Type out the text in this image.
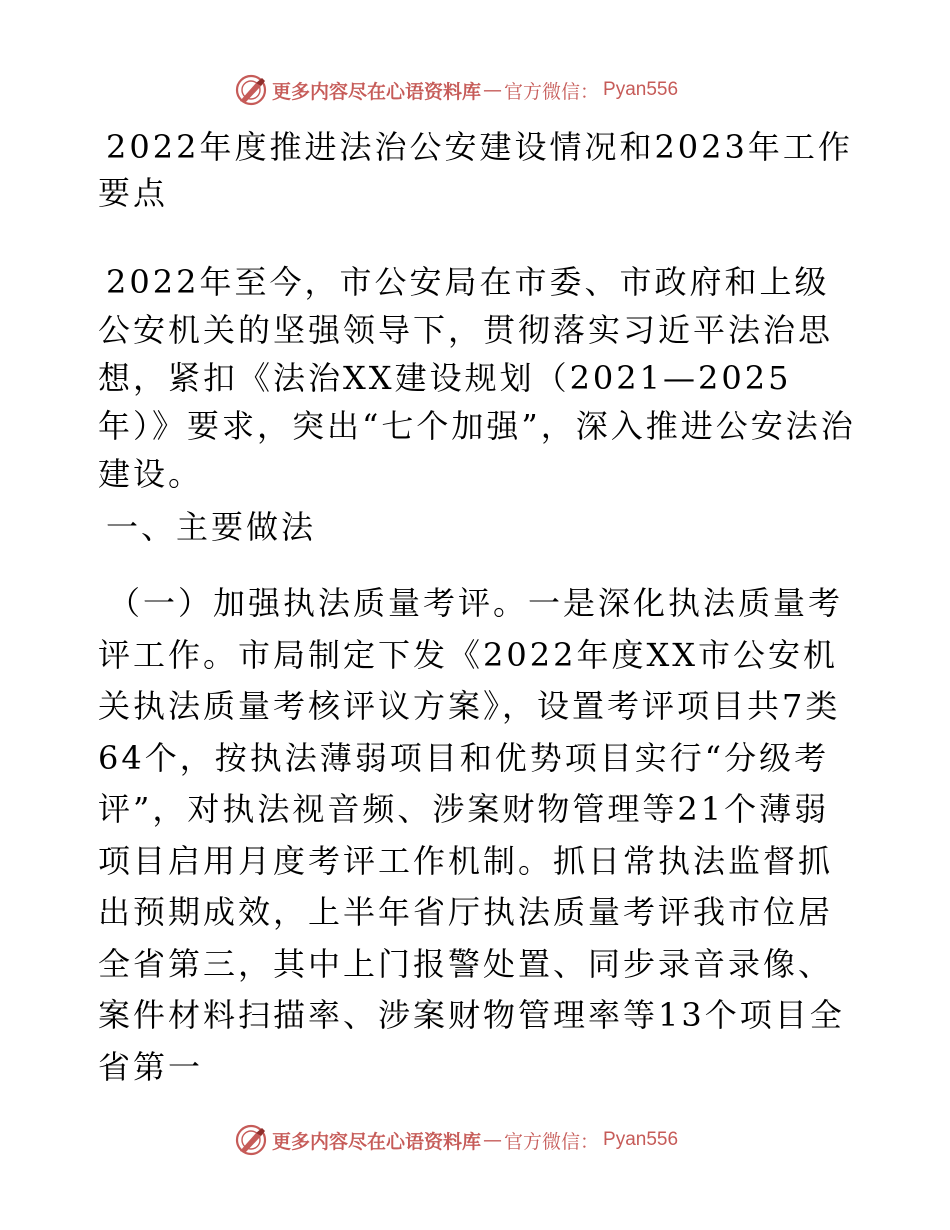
更多内容尽在心语资料库 — 官方微信： Pyan556

2022年度推进法治公安建设情况和2023年工作要点

2022年至今，市公安局在市委、市政府和上级公安机关的坚强领导下，贯彻落实习近平法治思想，紧扣《法治XX建设规划（2021—2025年）》要求，突出“七个加强”，深入推进公安法治建设。

一、主要做法

（一）加强执法质量考评。一是深化执法质量考评工作。市局制定下发《2022年度XX市公安机关执法质量考核评议方案》，设置考评项目共7类64个，按执法薄弱项目和优势项目实行“分级考评”，对执法视音频、涉案财物管理等21个薄弱项目启用月度考评工作机制。抓日常执法监督抓出预期成效，上半年省厅执法质量考评我市位居全省第三，其中上门报警处置、同步录音录像、案件材料扫描率、涉案财物管理率等13个项目全省第一

更多内容尽在心语资料库 — 官方微信： Pyan556
